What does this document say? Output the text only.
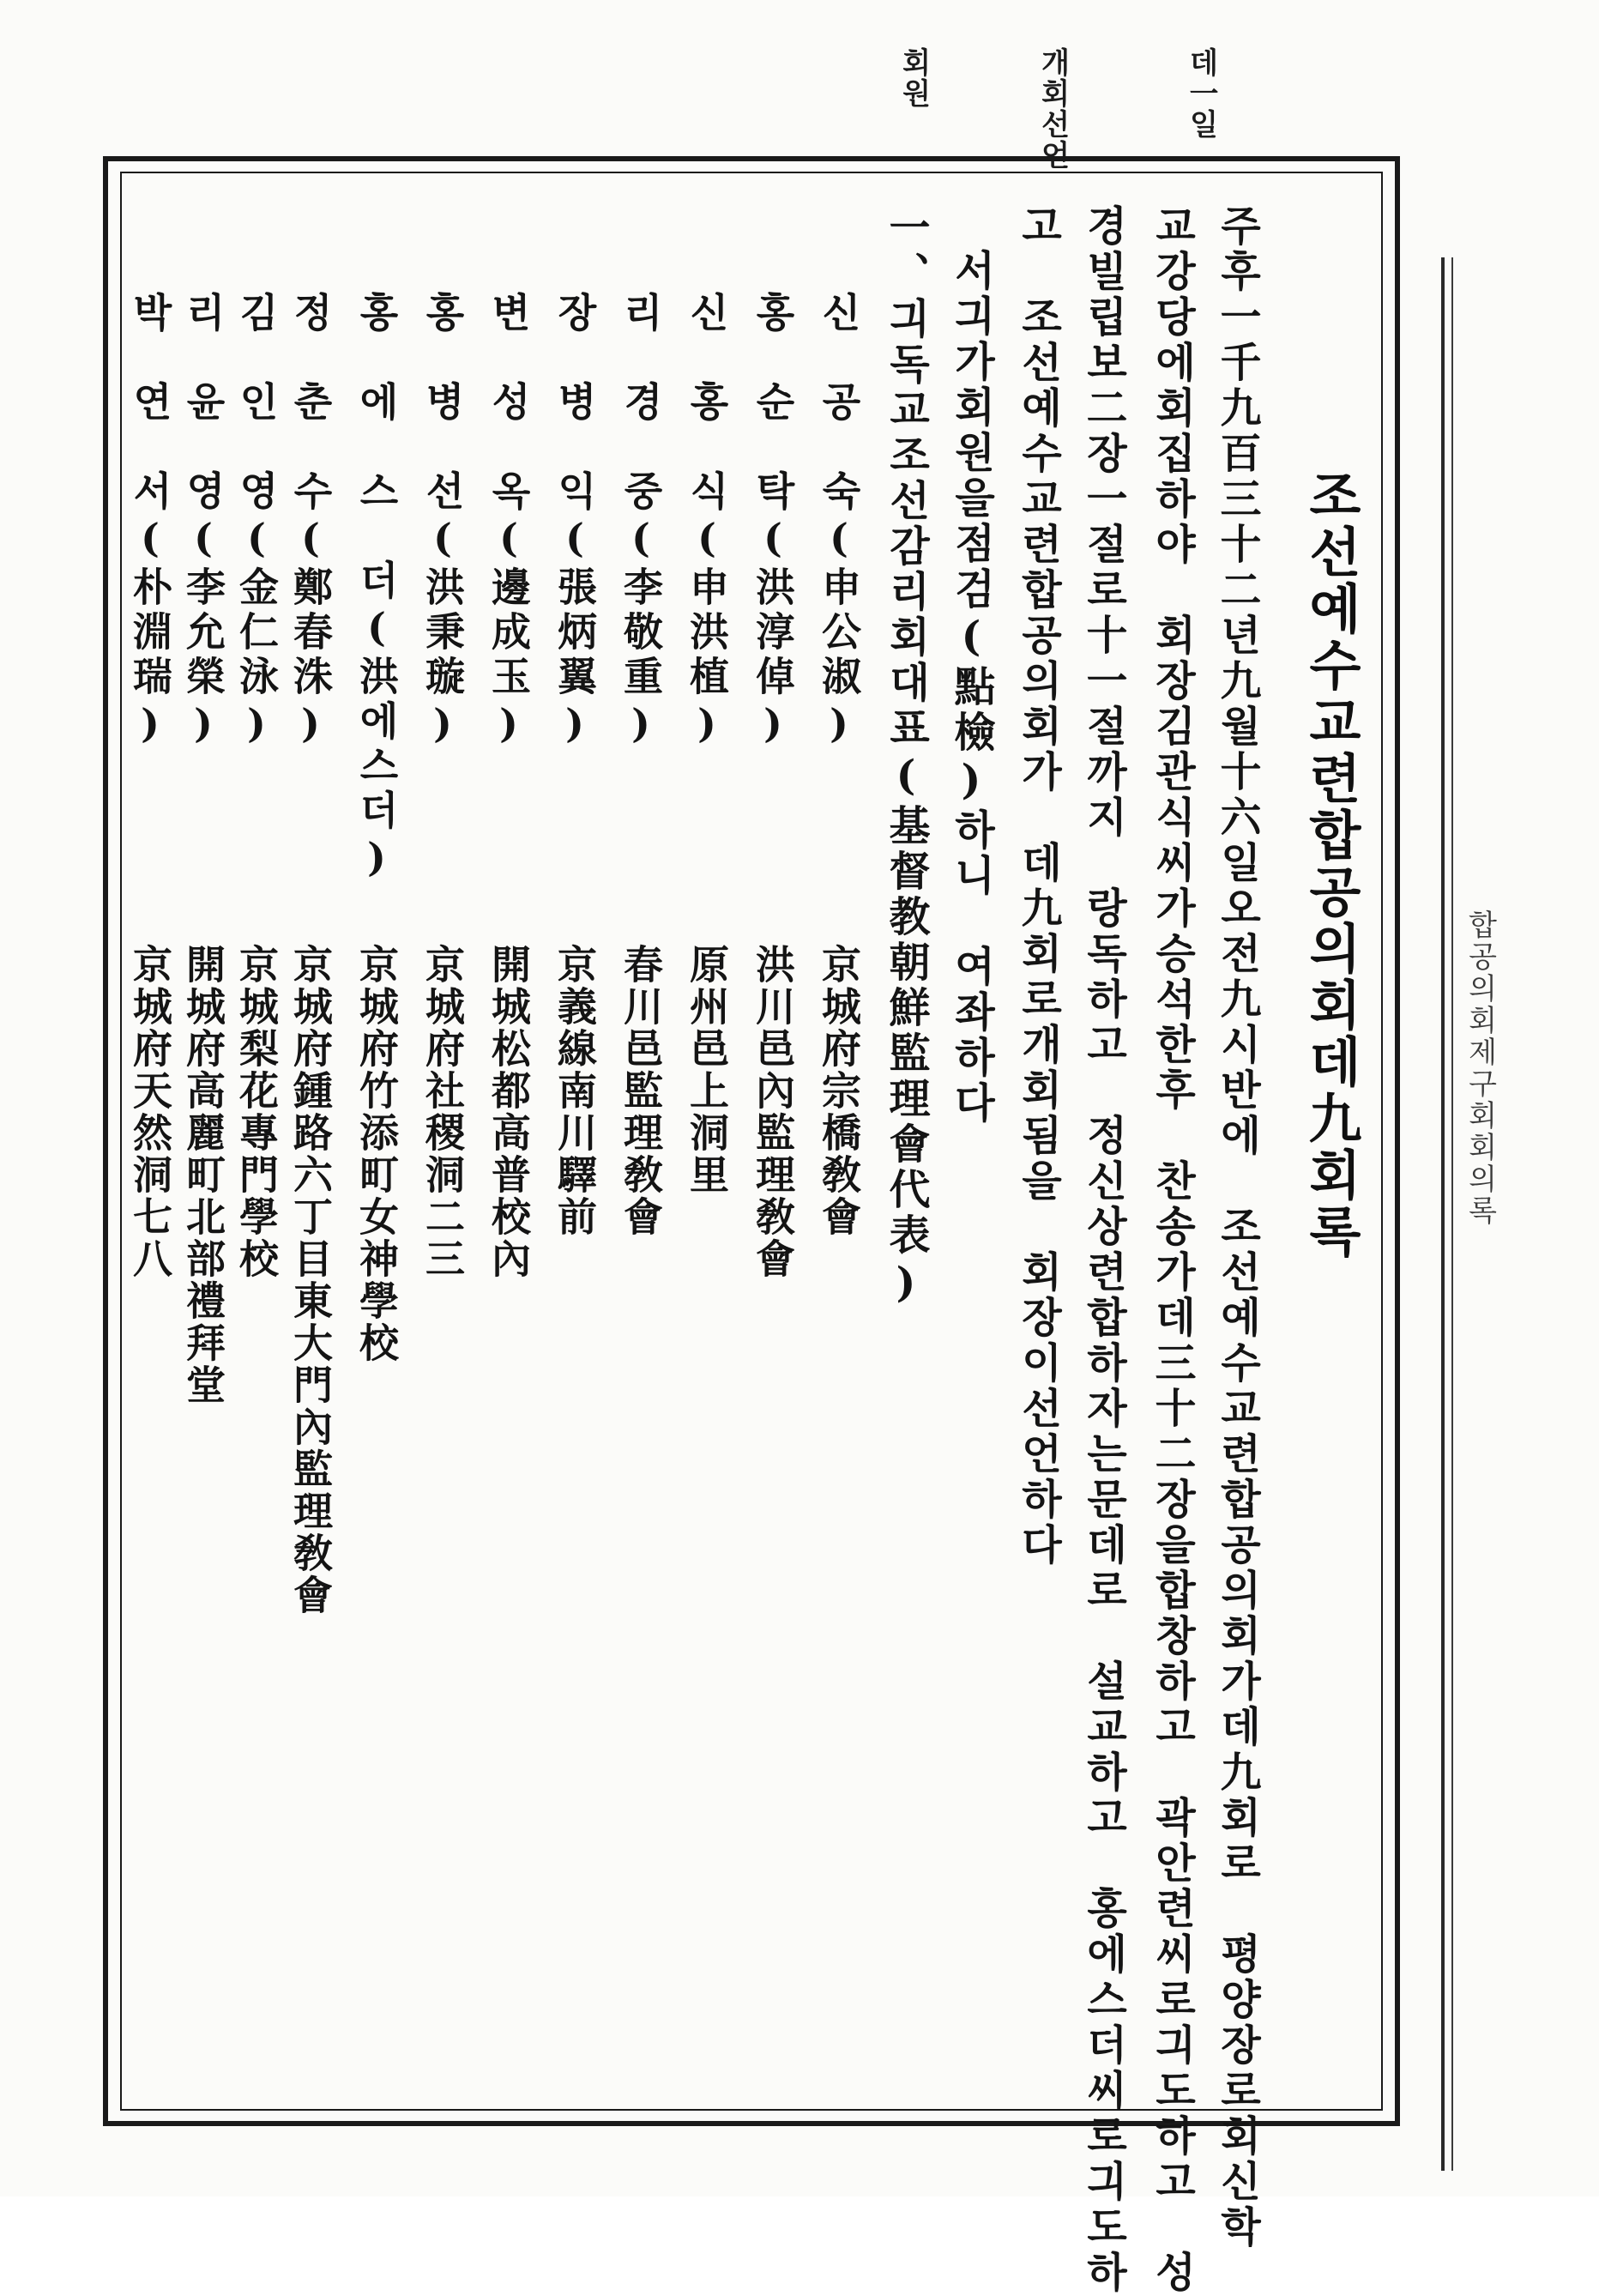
데一일
개회선언
회원
합공의회제구회회의록
조선예수교련합공의회데九회록
주후一千九百三十二년九월十六일오전九시반에　조선예수교련합공의회가데九회로　평양장로회신학
교강당에회집하야　회장김관식씨가승석한후　찬송가데三十二장을합창하고　곽안련씨로긔도하고　성
경빌립보二장一절로十一절까지　랑독하고　정신상련합하자는문데로　설교하고　홍에스더씨로긔도하
고　조선예수교련합공의회가　데九회로개회됨을　회장이선언하다
서긔가회원을점검(點檢)하니　여좌하다
一、긔독교조선감리회대표(基督教朝鮮監理會代表)
신　공　숙(申公淑)
京城府宗橋敎會
홍　순　탁(洪淳倬)
洪川邑內監理敎會
신　홍　식(申洪植)
原州邑上洞里
리　경　중(李敬重)
春川邑監理敎會
장　병　익(張炳翼)
京義線南川驛前
변　성　옥(邊成玉)
開城松都高普校內
홍　병　선(洪秉璇)
京城府社稷洞二三
홍　에　스　더(洪에스더)
京城府竹添町女神學校
정　춘　수(鄭春洙)
京城府鍾路六丁目東大門內監理敎會
김　인　영(金仁泳)
京城梨花專門學校
리　윤　영(李允榮)
開城府高麗町北部禮拜堂
박　연　서(朴淵瑞)
京城府天然洞七八
